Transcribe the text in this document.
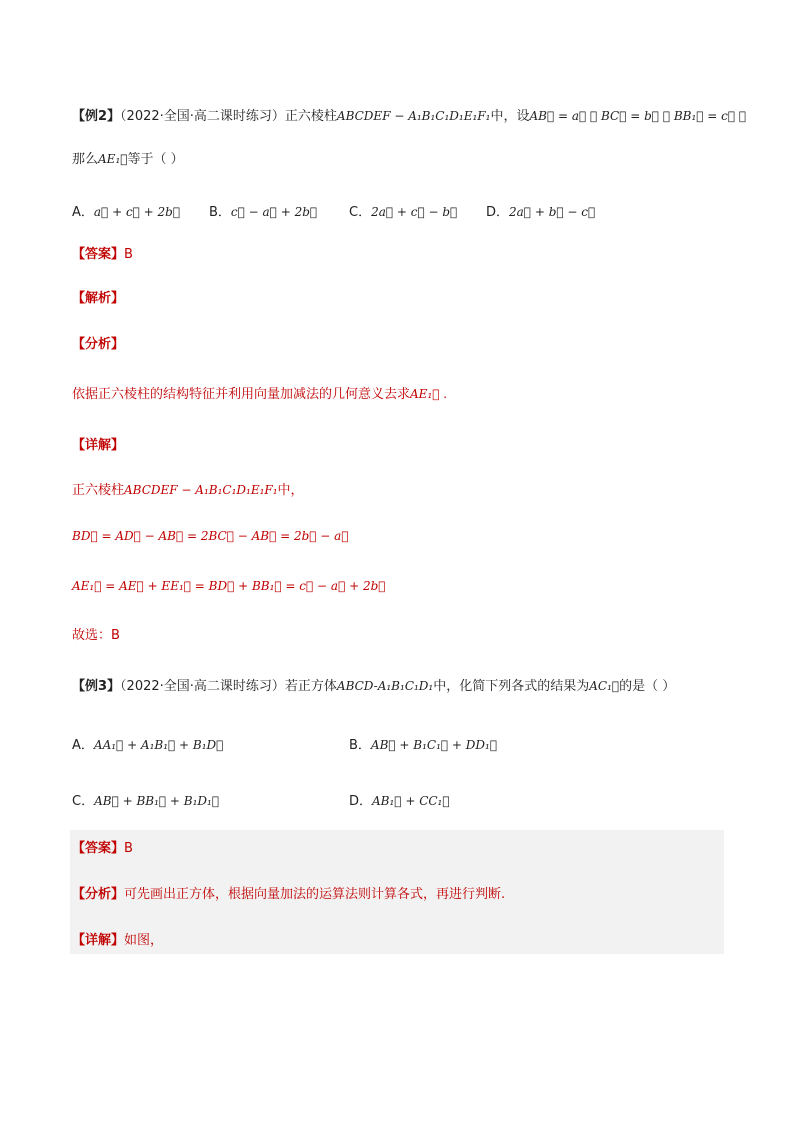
【例2】（2022·全国·高二课时练习）正六棱柱ABCDEF − A₁B₁C₁D₁E₁F₁中，设AB⃗ = a⃗ ， BC⃗ = b⃗ ， BB₁⃗ = c⃗ ，
那么AE₁⃗等于（ ）
A．a⃗ + c⃗ + 2b⃗ B．c⃗ − a⃗ + 2b⃗ C．2a⃗ + c⃗ − b⃗ D．2a⃗ + b⃗ − c⃗
【答案】B
【解析】
【分析】
依据正六棱柱的结构特征并利用向量加减法的几何意义去求AE₁⃗ .
【详解】
正六棱柱ABCDEF − A₁B₁C₁D₁E₁F₁中，
BD⃗ = AD⃗ − AB⃗ = 2BC⃗ − AB⃗ = 2b⃗ − a⃗
AE₁⃗ = AE⃗ + EE₁⃗ = BD⃗ + BB₁⃗ = c⃗ − a⃗ + 2b⃗
故选：B
【例3】（2022·全国·高二课时练习）若正方体ABCD-A₁B₁C₁D₁中，化简下列各式的结果为AC₁⃗的是（ ）
A．AA₁⃗ + A₁B₁⃗ + B₁D⃗	B．AB⃗ + B₁C₁⃗ + DD₁⃗
C．AB⃗ + BB₁⃗ + B₁D₁⃗	D．AB₁⃗ + CC₁⃗
【答案】B
【分析】可先画出正方体，根据向量加法的运算法则计算各式，再进行判断.
【详解】如图，
